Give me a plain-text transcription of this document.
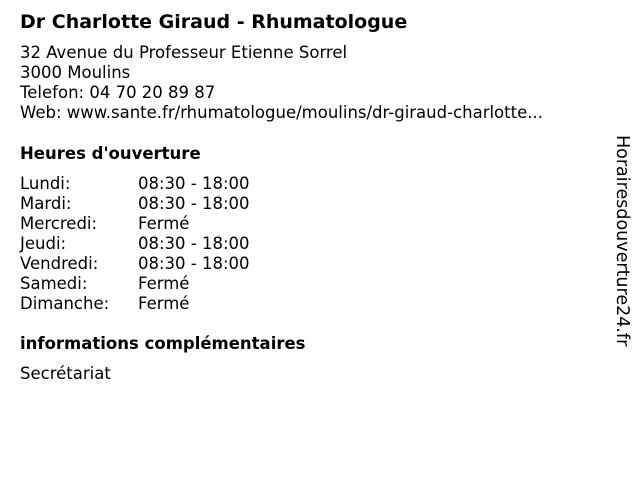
Dr Charlotte Giraud - Rhumatologue
32 Avenue du Professeur Etienne Sorrel
3000 Moulins
Telefon: 04 70 20 89 87
Web: www.sante.fr/rhumatologue/moulins/dr-giraud-charlotte...
Heures d'ouverture
Lundi:	08:30 - 18:00
Mardi:	08:30 - 18:00
Mercredi: Fermé
Jeudi:	08:30 - 18:00
Vendredi: 08:30 - 18:00
Samedi:	Fermé
Dimanche: Fermé
informations complémentaires
Secrétariat
Horairesdouverture24.fr
